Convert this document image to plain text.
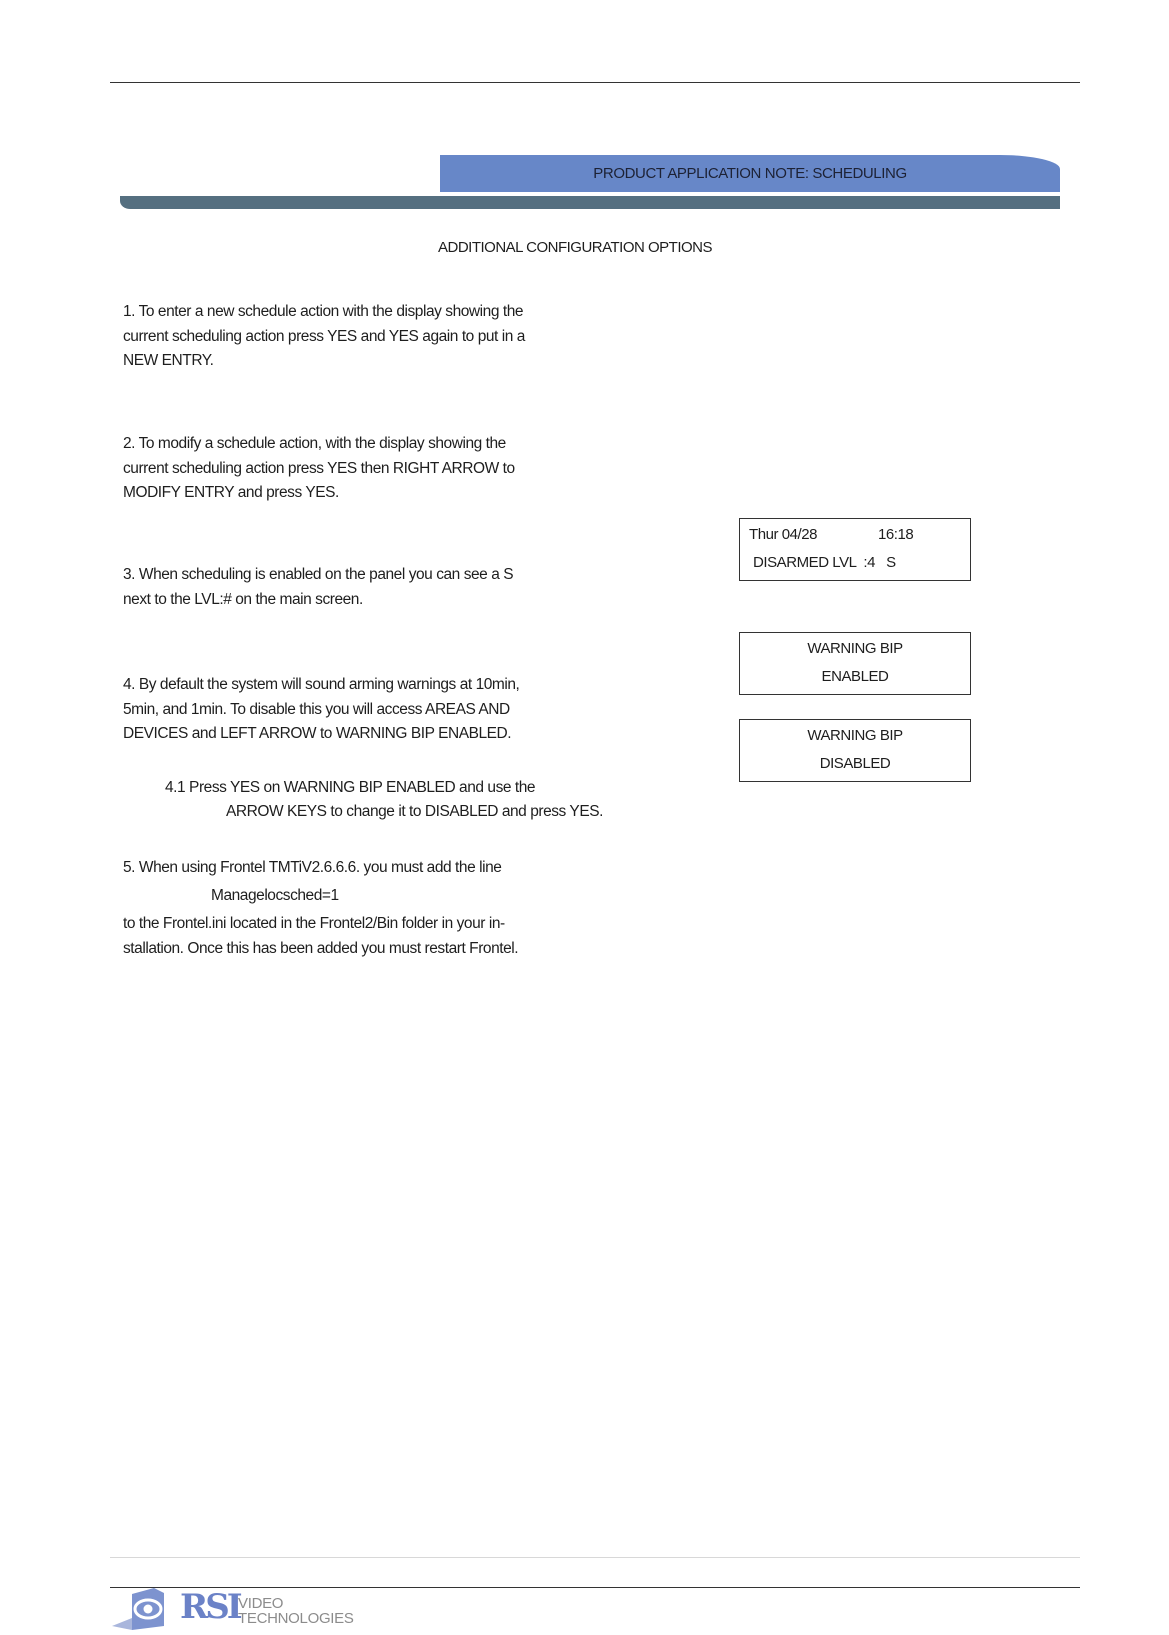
PRODUCT APPLICATION NOTE: SCHEDULING
ADDITIONAL CONFIGURATION OPTIONS

1. To enter a new schedule action with the display showing the

current scheduling action press YES and YES again to put in a

NEW ENTRY.

2. To modify a schedule action, with the display showing the

current scheduling action press YES then RIGHT ARROW to

MODIFY ENTRY and press YES.

3. When scheduling is enabled on the panel you can see a S

next to the LVL:# on the main screen.

4. By default the system will sound arming warnings at 10min,

5min, and 1min. To disable this you will access AREAS AND

DEVICES and LEFT ARROW to WARNING BIP ENABLED.

4.1 Press YES on WARNING BIP ENABLED and use the
ARROW KEYS to change it to DISABLED and press YES.
5. When using Frontel TMTiV2.6.6.6. you must add the line
Managelocsched=1

to the Frontel.ini located in the Frontel2/Bin folder in your in-

stallation. Once this has been added you must restart Frontel.

Thur 04/28	16:18
DISARMED LVL  :4   S
WARNING BIP
ENABLED
WARNING BIP
DISABLED
RSI
VIDEO
TECHNOLOGIES
